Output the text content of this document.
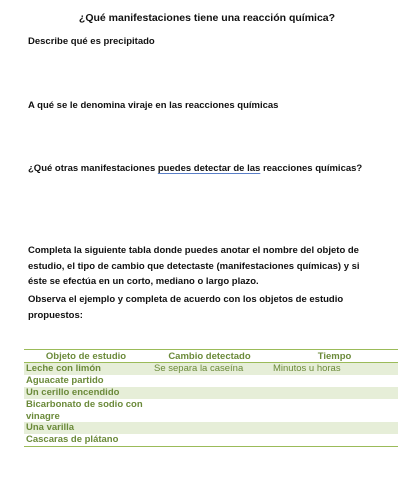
¿Qué manifestaciones tiene una reacción química?
Describe qué es precipitado
A qué se le denomina viraje en las reacciones químicas
¿Qué otras manifestaciones puedes detectar de las reacciones químicas?
Completa la siguiente tabla donde puedes anotar el nombre del objeto de
estudio, el tipo de cambio que detectaste (manifestaciones químicas) y si
éste se efectúa en un corto, mediano o largo plazo.
Observa el ejemplo y completa de acuerdo con los objetos de estudio
propuestos:
Objeto de estudio	Cambio detectado	Tiempo
Leche con limón	Se separa la caseína	Minutos u horas
Aguacate partido		
Un cerillo encendido		
Bicarbonato de sodio con vinagre		
Una varilla		
Cascaras de plátano		
